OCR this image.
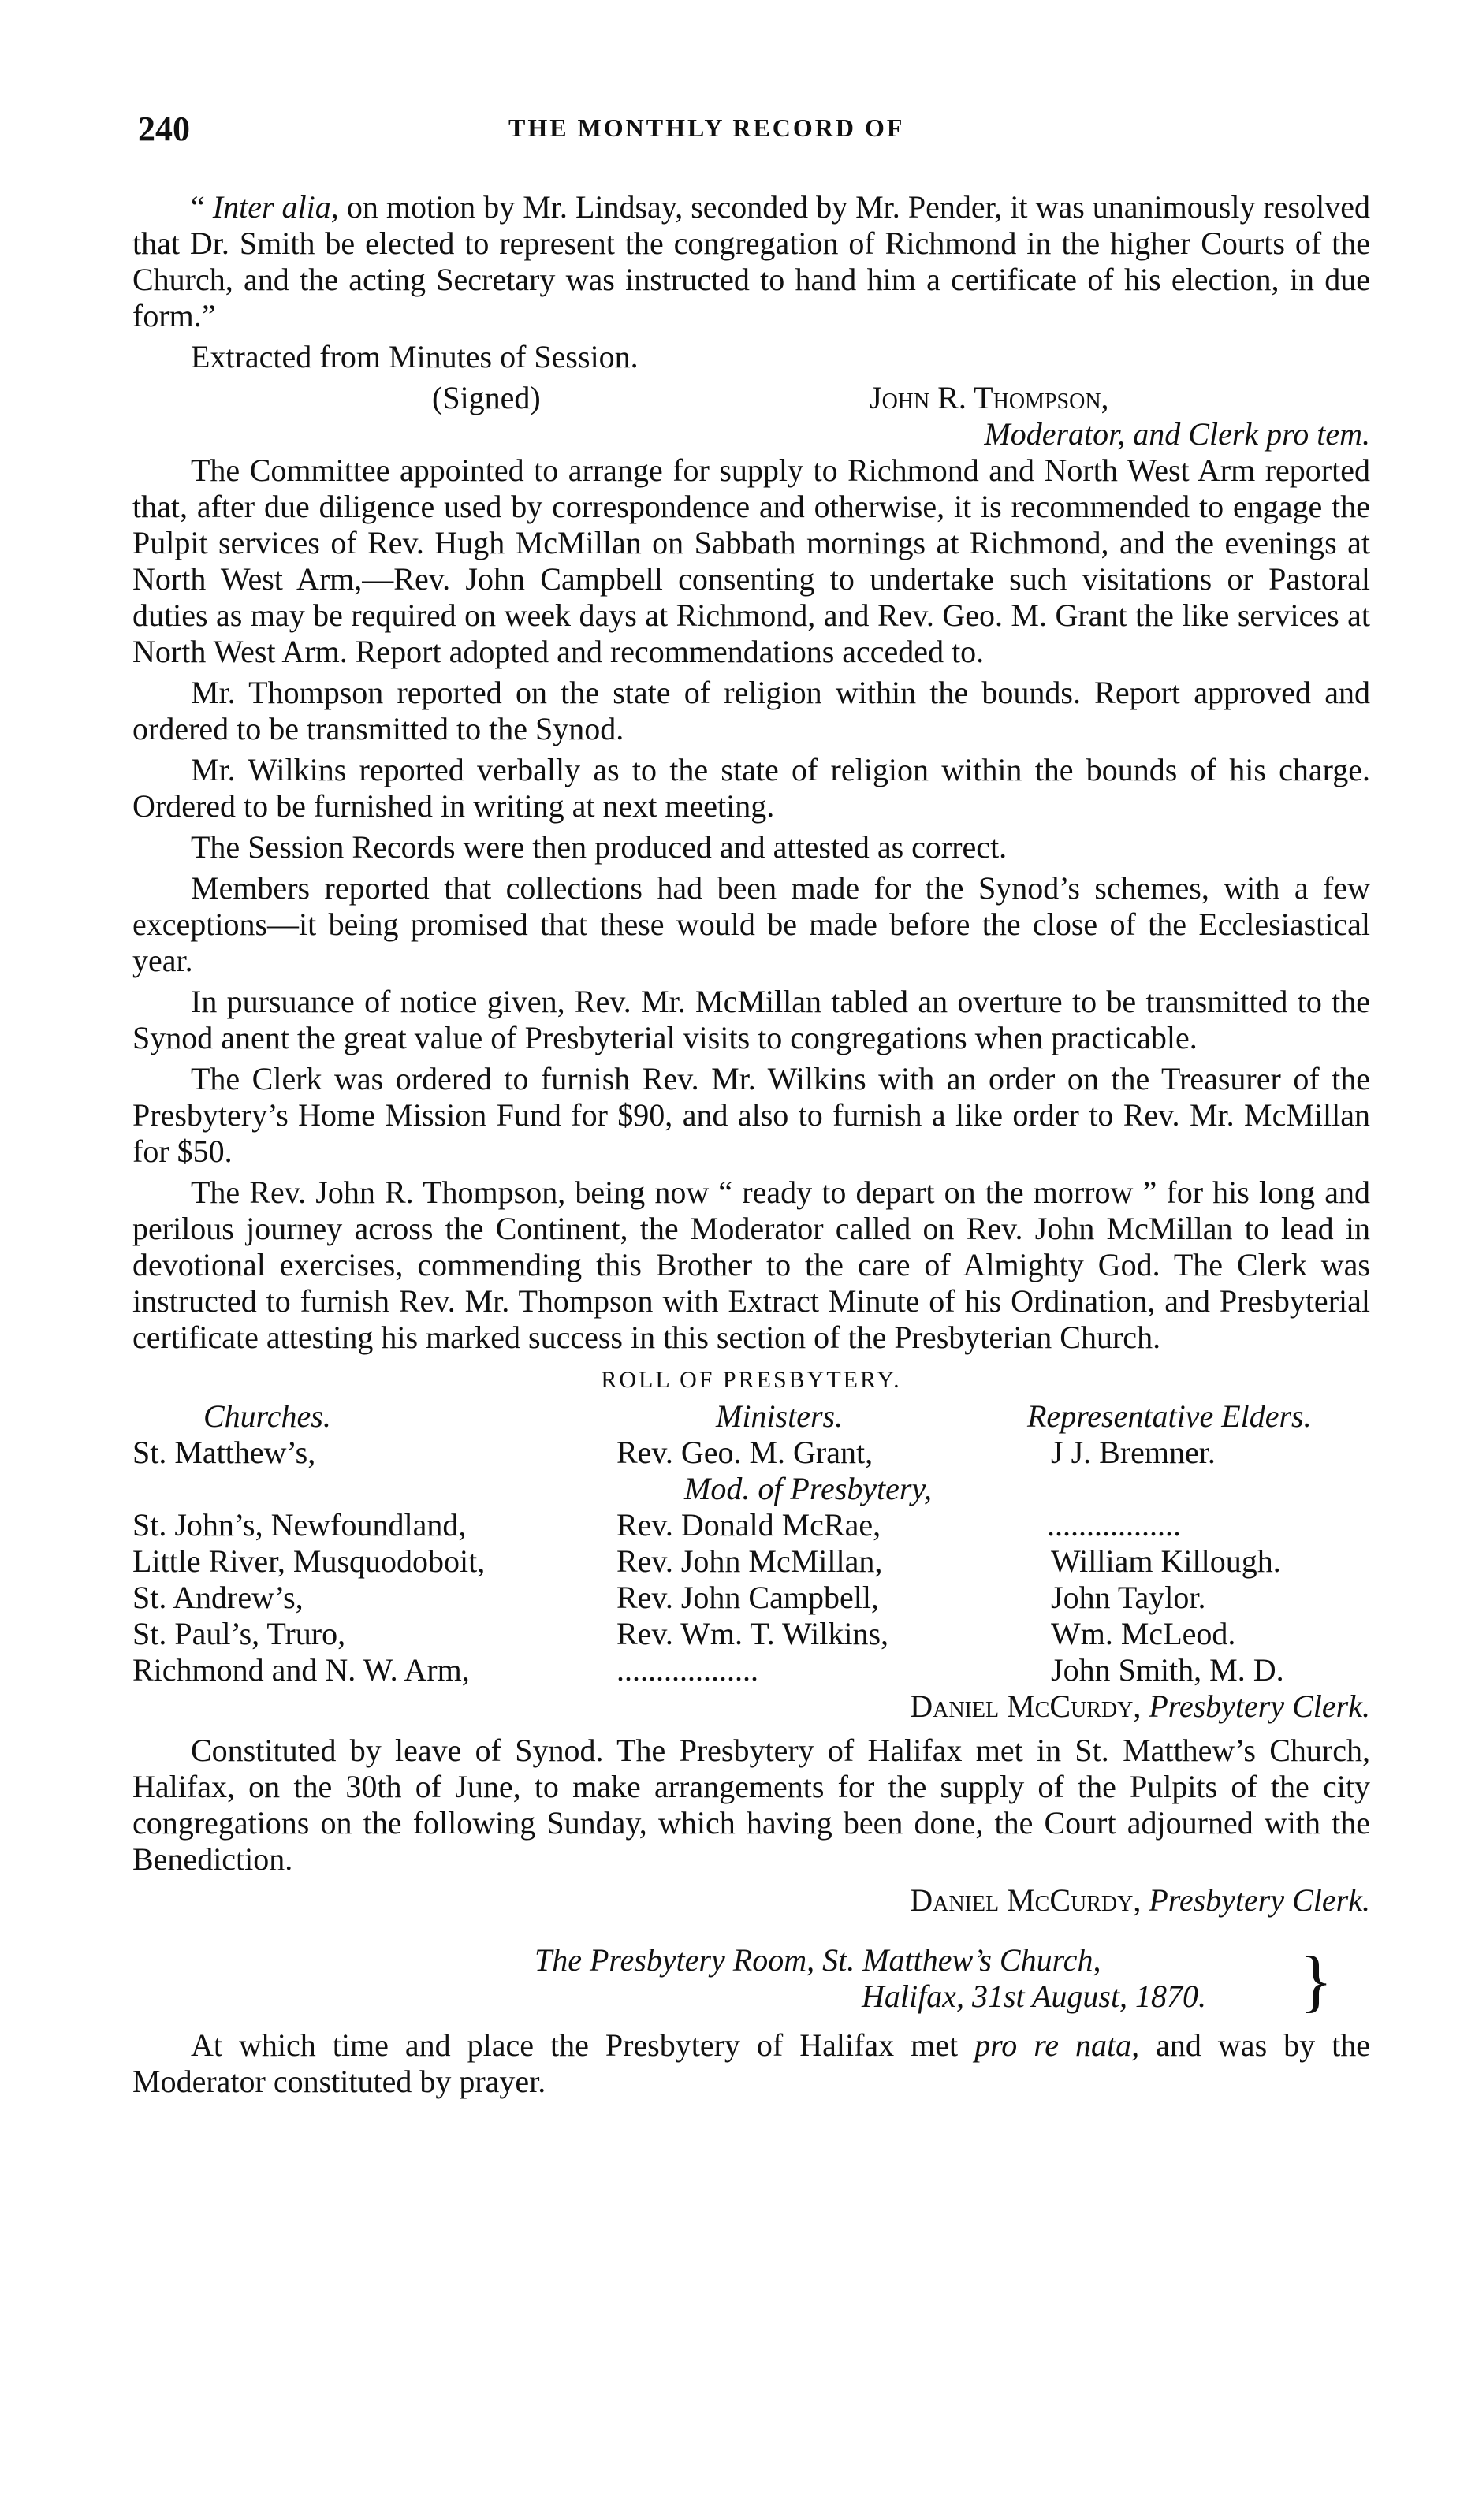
240	THE MONTHLY RECORD OF

“ Inter alia, on motion by Mr. Lindsay, seconded by Mr. Pender, it was unanimously resolved that Dr. Smith be elected to represent the congregation of Richmond in the higher Courts of the Church, and the acting Secretary was instructed to hand him a certificate of his election, in due form.”

Extracted from Minutes of Session.

(Signed)	John R. Thompson,
Moderator, and Clerk pro tem.

The Committee appointed to arrange for supply to Richmond and North West Arm reported that, after due diligence used by correspondence and otherwise, it is recommended to engage the Pulpit services of Rev. Hugh McMillan on Sabbath mornings at Richmond, and the evenings at North West Arm,—Rev. John Campbell consenting to undertake such visitations or Pastoral duties as may be required on week days at Richmond, and Rev. Geo. M. Grant the like services at North West Arm. Report adopted and recommendations acceded to.

Mr. Thompson reported on the state of religion within the bounds. Report approved and ordered to be transmitted to the Synod.

Mr. Wilkins reported verbally as to the state of religion within the bounds of his charge. Ordered to be furnished in writing at next meeting.

The Session Records were then produced and attested as correct.

Members reported that collections had been made for the Synod’s schemes, with a few exceptions—it being promised that these would be made before the close of the Ecclesiastical year.

In pursuance of notice given, Rev. Mr. McMillan tabled an overture to be transmitted to the Synod anent the great value of Presbyterial visits to congregations when practicable.

The Clerk was ordered to furnish Rev. Mr. Wilkins with an order on the Treasurer of the Presbytery’s Home Mission Fund for $90, and also to furnish a like order to Rev. Mr. McMillan for $50.

The Rev. John R. Thompson, being now “ ready to depart on the morrow ” for his long and perilous journey across the Continent, the Moderator called on Rev. John McMillan to lead in devotional exercises, commending this Brother to the care of Almighty God. The Clerk was instructed to furnish Rev. Mr. Thompson with Extract Minute of his Ordination, and Presbyterial certificate attesting his marked success in this section of the Presbyterian Church.

ROLL OF PRESBYTERY.
Churches.	Ministers.	Representative Elders.
St. Matthew’s,	Rev. Geo. M. Grant,	J J. Bremner.
Mod. of Presbytery,
St. John’s, Newfoundland,	Rev. Donald McRae,	.................
Little River, Musquodoboit,	Rev. John McMillan,	William Killough.
St. Andrew’s,	Rev. John Campbell,	John Taylor.
St. Paul’s, Truro,	Rev. Wm. T. Wilkins,	Wm. McLeod.
Richmond and N. W. Arm,	..................	John Smith, M. D.
Daniel McCurdy, Presbytery Clerk.

Constituted by leave of Synod. The Presbytery of Halifax met in St. Matthew’s Church, Halifax, on the 30th of June, to make arrangements for the supply of the Pulpits of the city congregations on the following Sunday, which having been done, the Court adjourned with the Benediction.

Daniel McCurdy, Presbytery Clerk.
The Presbytery Room, St. Matthew’s Church,
Halifax, 31st August, 1870. }

At which time and place the Presbytery of Halifax met pro re nata, and was by the Moderator constituted by prayer.
